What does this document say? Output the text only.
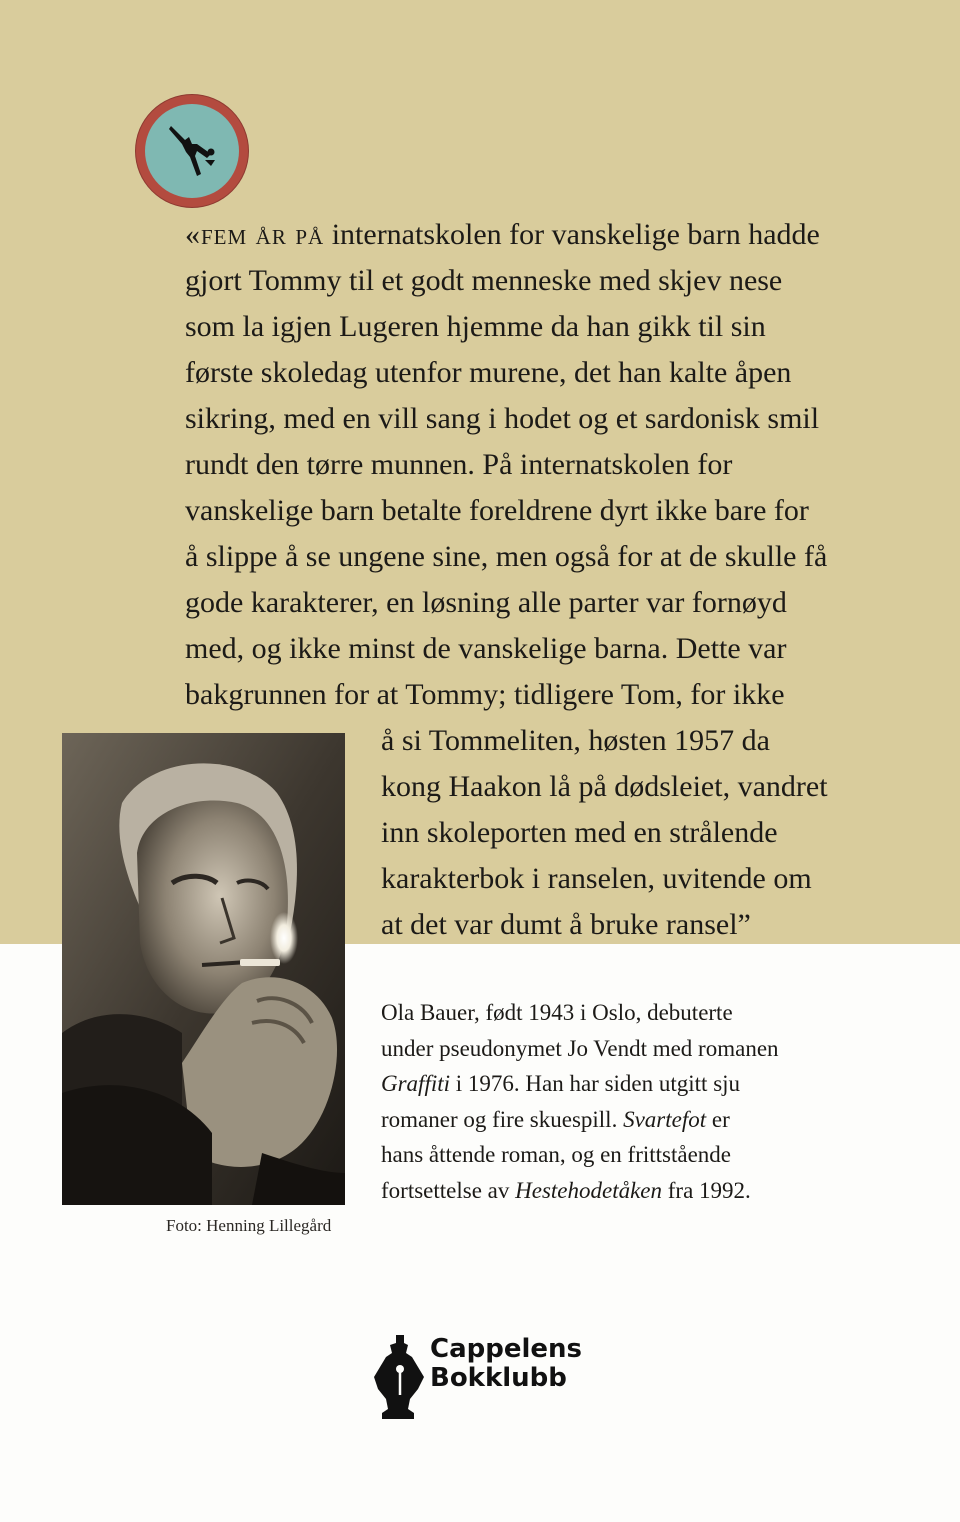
«fem år på internatskolen for vanskelige barn hadde
gjort Tommy til et godt menneske med skjev nese
som la igjen Lugeren hjemme da han gikk til sin
første skoledag utenfor murene, det han kalte åpen
sikring, med en vill sang i hodet og et sardonisk smil
rundt den tørre munnen. På internatskolen for
vanskelige barn betalte foreldrene dyrt ikke bare for
å slippe å se ungene sine, men også for at de skulle få
gode karakterer, en løsning alle parter var fornøyd
med, og ikke minst de vanskelige barna. Dette var
bakgrunnen for at Tommy; tidligere Tom, for ikke
å si Tommeliten, høsten 1957 da
kong Haakon lå på dødsleiet, vandret
inn skoleporten med en strålende
karakterbok i ranselen, uvitende om
at det var dumt å bruke ransel”
Foto: Henning Lillegård
Ola Bauer, født 1943 i Oslo, debuterte
under pseudonymet Jo Vendt med romanen
Graffiti i 1976. Han har siden utgitt sju
romaner og fire skuespill. Svartefot er
hans åttende roman, og en frittstående
fortsettelse av Hestehodetåken fra 1992.
Cappelens
Bokklubb
